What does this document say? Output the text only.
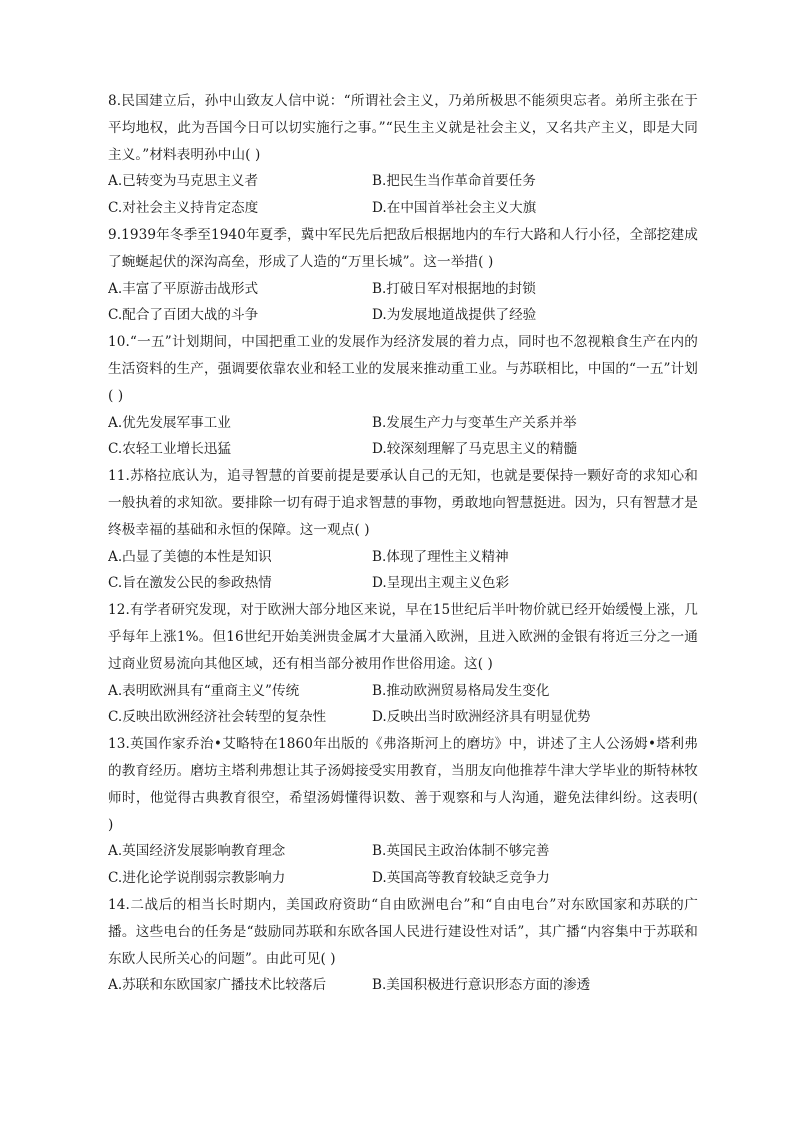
8.民国建立后，孙中山致友人信中说：“所谓社会主义，乃弟所极思不能须臾忘者。弟所主张在于平均地权，此为吾国今日可以切实施行之事。”“民生主义就是社会主义，又名共产主义，即是大同主义。”材料表明孙中山( )

A.已转变为马克思主义者	B.把民生当作革命首要任务
C.对社会主义持肯定态度	D.在中国首举社会主义大旗

9.1939年冬季至1940年夏季，冀中军民先后把敌后根据地内的车行大路和人行小径，全部挖建成了蜿蜒起伏的深沟高垒，形成了人造的“万里长城”。这一举措( )

A.丰富了平原游击战形式	B.打破日军对根据地的封锁
C.配合了百团大战的斗争	D.为发展地道战提供了经验

10.“一五”计划期间，中国把重工业的发展作为经济发展的着力点，同时也不忽视粮食生产在内的生活资料的生产，强调要依靠农业和轻工业的发展来推动重工业。与苏联相比，中国的“一五”计划( )

A.优先发展军事工业	B.发展生产力与变革生产关系并举
C.农轻工业增长迅猛	D.较深刻理解了马克思主义的精髓

11.苏格拉底认为，追寻智慧的首要前提是要承认自己的无知，也就是要保持一颗好奇的求知心和一般执着的求知欲。要排除一切有碍于追求智慧的事物，勇敢地向智慧挺进。因为，只有智慧才是终极幸福的基础和永恒的保障。这一观点( )

A.凸显了美德的本性是知识	B.体现了理性主义精神
C.旨在激发公民的参政热情	D.呈现出主观主义色彩

12.有学者研究发现，对于欧洲大部分地区来说，早在15世纪后半叶物价就已经开始缓慢上涨，几乎每年上涨1%。但16世纪开始美洲贵金属才大量涌入欧洲，且进入欧洲的金银有将近三分之一通过商业贸易流向其他区域，还有相当部分被用作世俗用途。这( )

A.表明欧洲具有“重商主义”传统	B.推动欧洲贸易格局发生变化
C.反映出欧洲经济社会转型的复杂性	D.反映出当时欧洲经济具有明显优势

13.英国作家乔治•艾略特在1860年出版的《弗洛斯河上的磨坊》中，讲述了主人公汤姆•塔利弗的教育经历。磨坊主塔利弗想让其子汤姆接受实用教育，当朋友向他推荐牛津大学毕业的斯特林牧师时，他觉得古典教育很空，希望汤姆懂得识数、善于观察和与人沟通，避免法律纠纷。这表明( )

A.英国经济发展影响教育理念	B.英国民主政治体制不够完善
C.进化论学说削弱宗教影响力	D.英国高等教育较缺乏竞争力

14.二战后的相当长时期内，美国政府资助“自由欧洲电台”和“自由电台”对东欧国家和苏联的广播。这些电台的任务是“鼓励同苏联和东欧各国人民进行建设性对话”，其广播“内容集中于苏联和东欧人民所关心的问题”。由此可见( )

A.苏联和东欧国家广播技术比较落后	B.美国积极进行意识形态方面的渗透
